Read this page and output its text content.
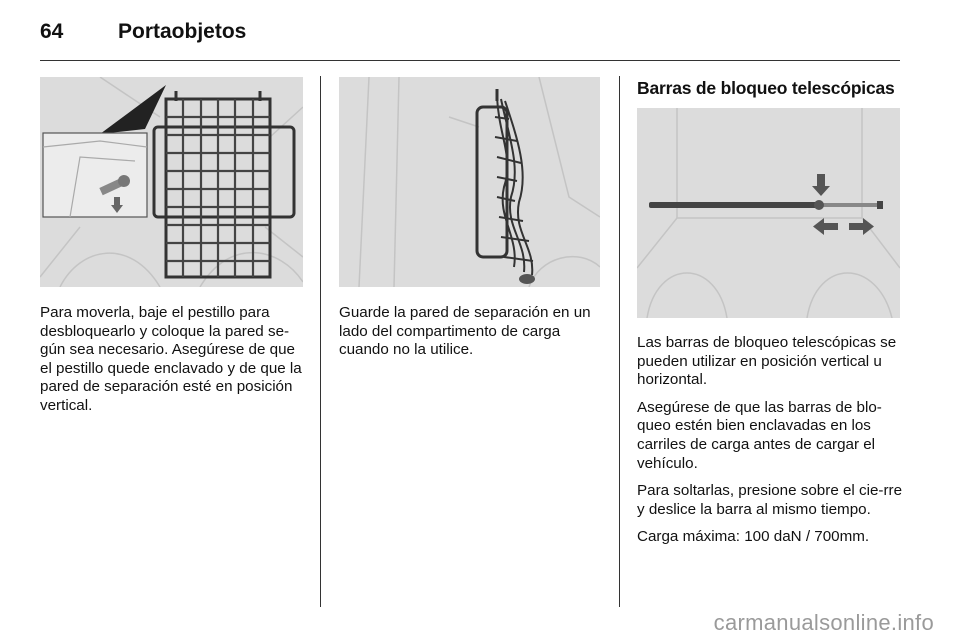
64	Portaobjetos
Para moverla, baje el pestillo para desbloquearlo y coloque la pared se-gún sea necesario. Asegúrese de que el pestillo quede enclavado y de que la pared de separación esté en posición vertical.
Guarde la pared de separación en un lado del compartimento de carga cuando no la utilice.
Barras de bloqueo telescópicas

Las barras de bloqueo telescópicas se pueden utilizar en posición vertical u horizontal.

Asegúrese de que las barras de blo-queo estén bien enclavadas en los carriles de carga antes de cargar el vehículo.

Para soltarlas, presione sobre el cie-rre y deslice la barra al mismo tiempo.

Carga máxima: 100 daN / 700mm.

carmanualsonline.info
